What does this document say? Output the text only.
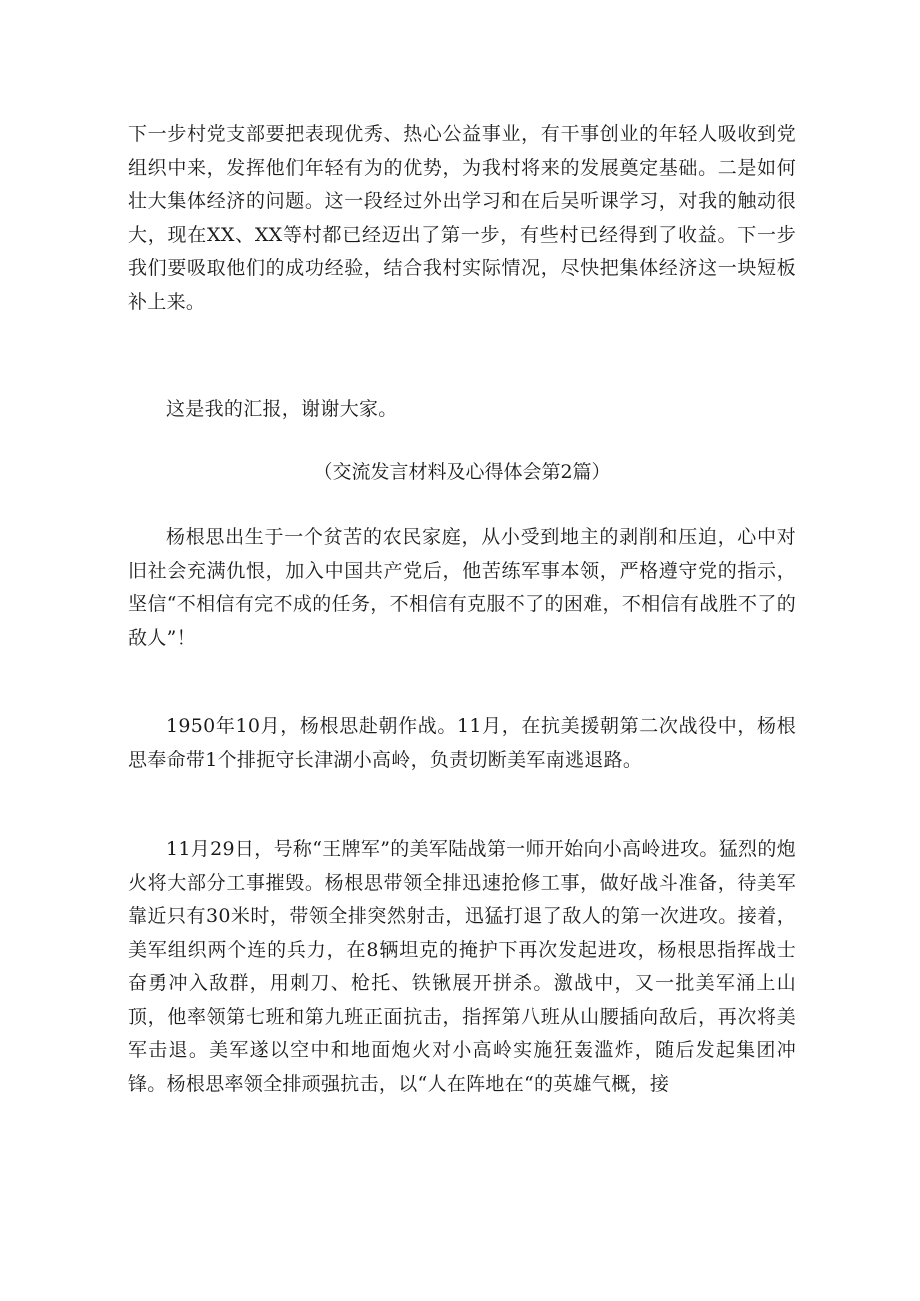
下一步村党支部要把表现优秀、热心公益事业，有干事创业的年轻人吸收到党组织中来，发挥他们年轻有为的优势，为我村将来的发展奠定基础。二是如何壮大集体经济的问题。这一段经过外出学习和在后吴听课学习，对我的触动很大，现在XX、XX等村都已经迈出了第一步，有些村已经得到了收益。下一步我们要吸取他们的成功经验，结合我村实际情况，尽快把集体经济这一块短板补上来。

这是我的汇报，谢谢大家。

（交流发言材料及心得体会第2篇）

杨根思出生于一个贫苦的农民家庭，从小受到地主的剥削和压迫，心中对旧社会充满仇恨，加入中国共产党后，他苦练军事本领，严格遵守党的指示，坚信“不相信有完不成的任务，不相信有克服不了的困难，不相信有战胜不了的敌人”！

1950年10月，杨根思赴朝作战。11月，在抗美援朝第二次战役中，杨根思奉命带1个排扼守长津湖小高岭，负责切断美军南逃退路。

11月29日，号称“王牌军”的美军陆战第一师开始向小高岭进攻。猛烈的炮火将大部分工事摧毁。杨根思带领全排迅速抢修工事，做好战斗准备，待美军靠近只有30米时，带领全排突然射击，迅猛打退了敌人的第一次进攻。接着，美军组织两个连的兵力，在8辆坦克的掩护下再次发起进攻，杨根思指挥战士奋勇冲入敌群，用刺刀、枪托、铁锹展开拼杀。激战中，又一批美军涌上山顶，他率领第七班和第九班正面抗击，指挥第八班从山腰插向敌后，再次将美军击退。美军遂以空中和地面炮火对小高岭实施狂轰滥炸，随后发起集团冲锋。杨根思率领全排顽强抗击，以“人在阵地在“的英雄气概，接
